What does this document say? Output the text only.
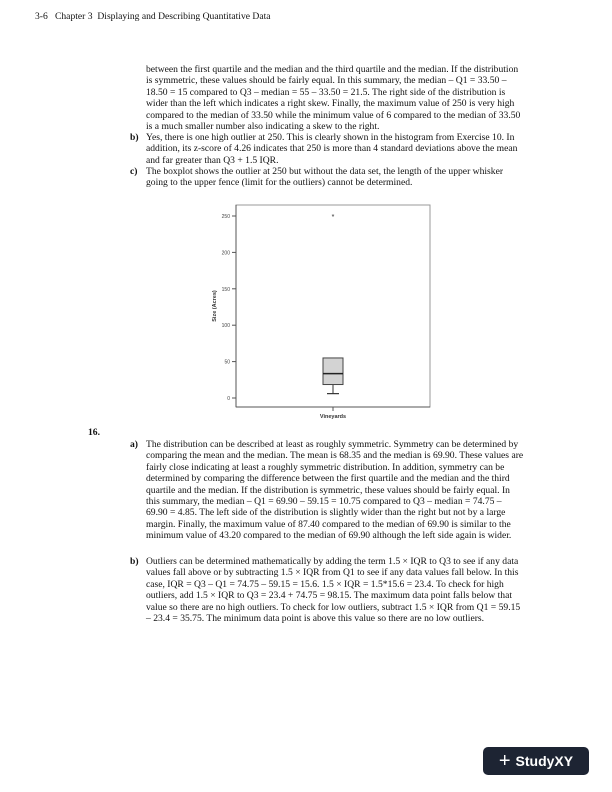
3-6   Chapter 3  Displaying and Describing Quantitative Data
between the first quartile and the median and the third quartile and the median. If the distribution
is symmetric, these values should be fairly equal. In this summary, the median – Q1 = 33.50 –
18.50 = 15 compared to Q3 – median = 55 – 33.50 = 21.5. The right side of the distribution is
wider than the left which indicates a right skew. Finally, the maximum value of 250 is very high
compared to the median of 33.50 while the minimum value of 6 compared to the median of 33.50
is a much smaller number also indicating a skew to the right.
b) Yes, there is one high outlier at 250. This is clearly shown in the histogram from Exercise 10. In
addition, its z-score of 4.26 indicates that 250 is more than 4 standard deviations above the mean
and far greater than Q3 + 1.5 IQR.
c) The boxplot shows the outlier at 250 but without the data set, the length of the upper whisker
going to the upper fence (limit for the outliers) cannot be determined.
0
50
100
150
200
250
Size (Acres)
Vineyards
*
16.
a) The distribution can be described at least as roughly symmetric. Symmetry can be determined by
comparing the mean and the median. The mean is 68.35 and the median is 69.90. These values are
fairly close indicating at least a roughly symmetric distribution. In addition, symmetry can be
determined by comparing the difference between the first quartile and the median and the third
quartile and the median. If the distribution is symmetric, these values should be fairly equal. In
this summary, the median – Q1 = 69.90 – 59.15 = 10.75 compared to Q3 – median = 74.75 –
69.90 = 4.85. The left side of the distribution is slightly wider than the right but not by a large
margin. Finally, the maximum value of 87.40 compared to the median of 69.90 is similar to the
minimum value of 43.20 compared to the median of 69.90 although the left side again is wider.
b) Outliers can be determined mathematically by adding the term 1.5 × IQR to Q3 to see if any data
values fall above or by subtracting 1.5 × IQR from Q1 to see if any data values fall below. In this
case, IQR = Q3 – Q1 = 74.75 – 59.15 = 15.6. 1.5 × IQR = 1.5*15.6 = 23.4. To check for high
outliers, add 1.5 × IQR to Q3 = 23.4 + 74.75 = 98.15. The maximum data point falls below that
value so there are no high outliers. To check for low outliers, subtract 1.5 × IQR from Q1 = 59.15
– 23.4 = 35.75. The minimum data point is above this value so there are no low outliers.
+ StudyXY
